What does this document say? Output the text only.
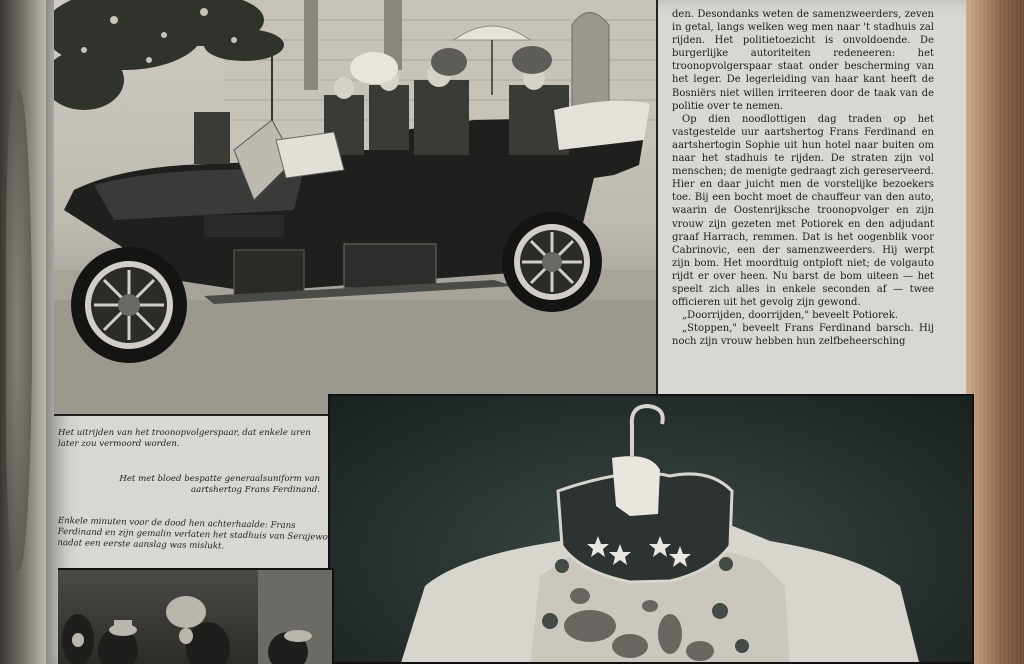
den. Desondanks weten de samenzweerders, zeven in getal, langs welken weg men naar 't stadhuis zal rijden. Het politietoezicht is onvoldoende. De burgerlijke autoriteiten redeneeren: het troonopvolgerspaar staat onder bescherming van het leger. De legerleiding van haar kant heeft de Bosniërs niet willen irriteeren door de taak van de politie over te nemen.

Op dien noodlottigen dag traden op het vastgestelde uur aartshertog Frans Ferdinand en aartshertogin Sophie uit hun hotel naar buiten om naar het stadhuis te rijden. De straten zijn vol menschen; de menigte gedraagt zich gereserveerd. Hier en daar juicht men de vorstelijke bezoekers toe. Bij een bocht moet de chauffeur van den auto, waarin de Oostenrijksche troonopvolger en zijn vrouw zijn gezeten met Potiorek en den adjudant graaf Harrach, remmen. Dat is het oogenblik voor Cabrinovic, een der samenzweerders. Hij werpt zijn bom. Het moordtuig ontploft niet; de volgauto rijdt er over heen. Nu barst de bom uiteen — het speelt zich alles in enkele seconden af — twee officieren uit het gevolg zijn gewond.

„Doorrijden, doorrijden," beveelt Potiorek.

„Stoppen," beveelt Frans Ferdinand barsch. Hij noch zijn vrouw hebben hun zelfbeheersching

Het uitrijden van het troonopvolgerspaar, dat enkele uren later zou vermoord worden.
Het met bloed bespatte generaalsuniform van aartshertog Frans Ferdinand.
Enkele minuten voor de dood hen achterhaalde: Frans Ferdinand en zijn gemalin verlaten het stadhuis van Serajewo nadat een eerste aanslag was mislukt.
